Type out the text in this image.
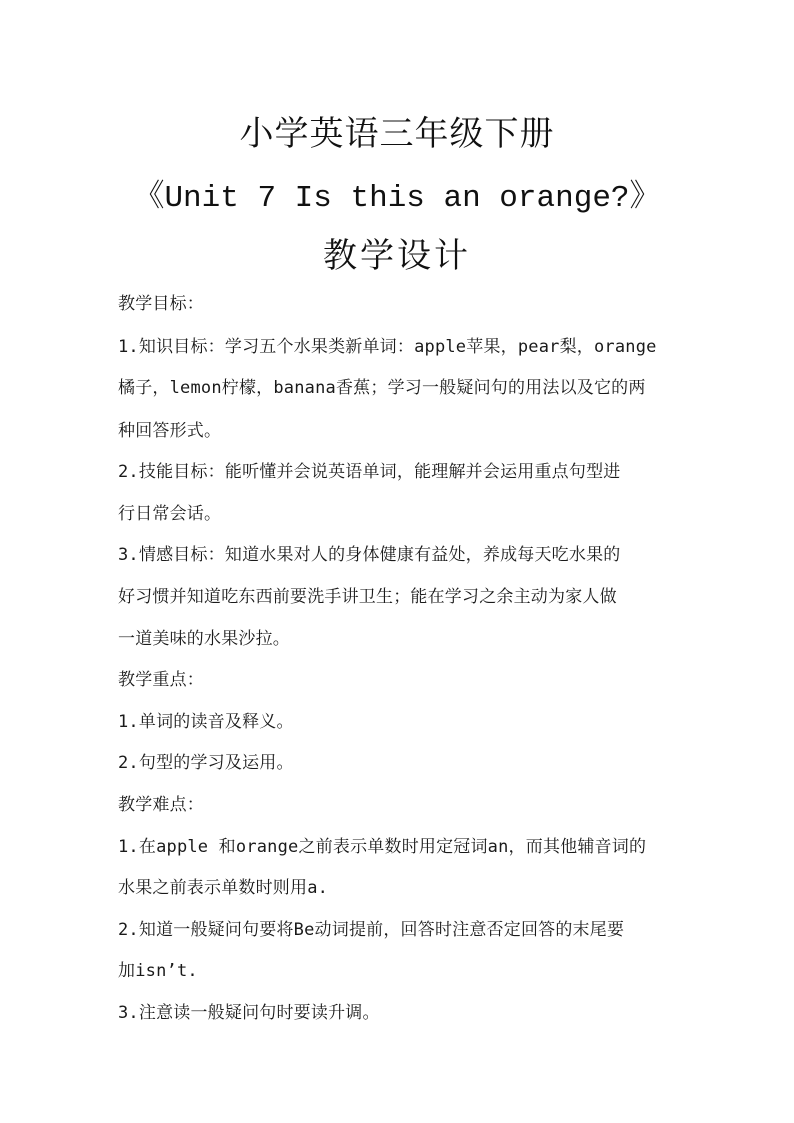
小学英语三年级下册
《Unit 7 Is this an orange?》
教学设计
教学目标：
1.知识目标：学习五个水果类新单词：apple苹果，pear梨，orange
橘子，lemon柠檬，banana香蕉；学习一般疑问句的用法以及它的两
种回答形式。
2.技能目标：能听懂并会说英语单词，能理解并会运用重点句型进
行日常会话。
3.情感目标：知道水果对人的身体健康有益处，养成每天吃水果的
好习惯并知道吃东西前要洗手讲卫生；能在学习之余主动为家人做
一道美味的水果沙拉。
教学重点：
1.单词的读音及释义。
2.句型的学习及运用。
教学难点：
1.在apple 和orange之前表示单数时用定冠词an，而其他辅音词的
水果之前表示单数时则用a.
2.知道一般疑问句要将Be动词提前，回答时注意否定回答的末尾要
加isn’t.
3.注意读一般疑问句时要读升调。
